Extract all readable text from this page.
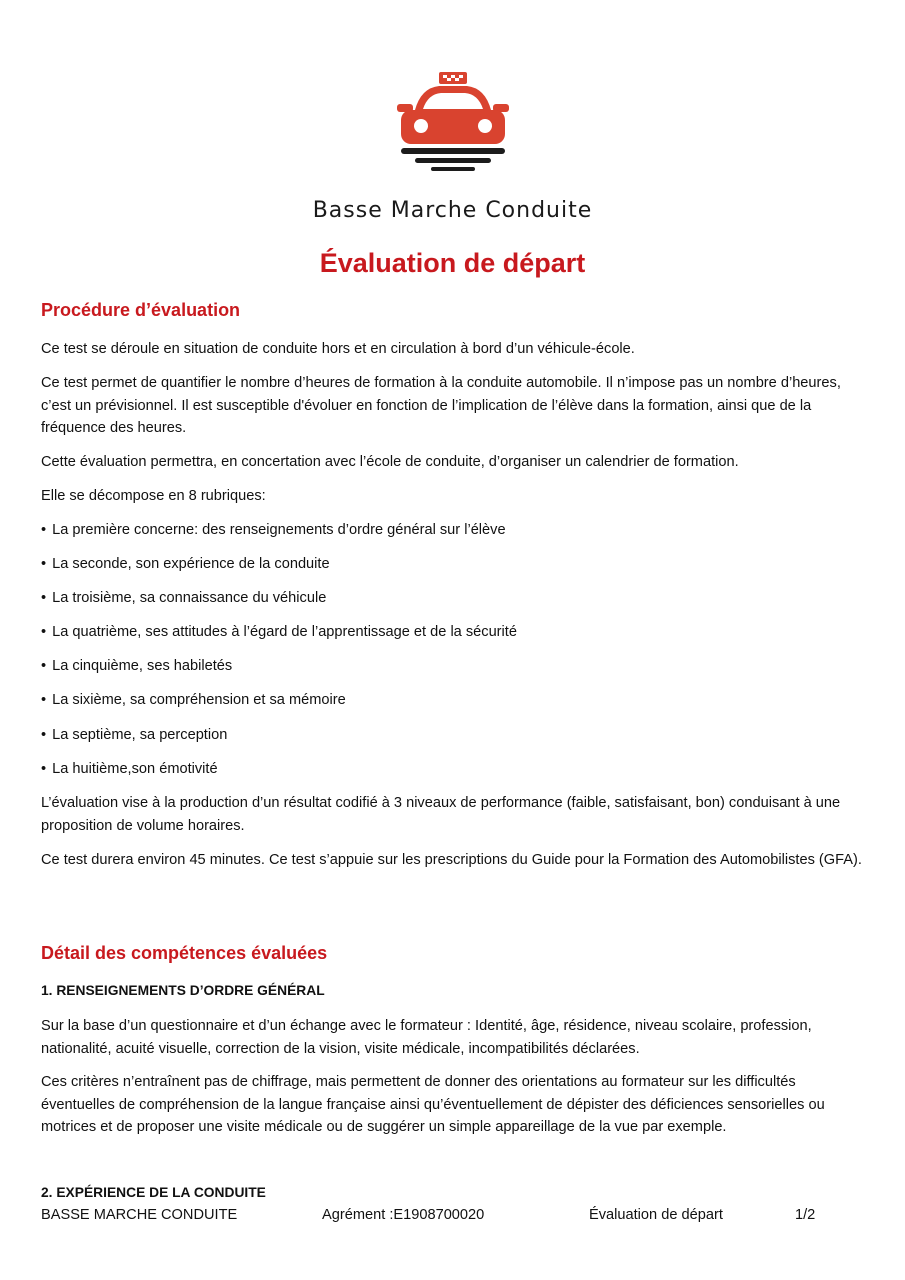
Basse Marche Conduite
Évaluation de départ
Procédure d’évaluation

Ce test se déroule en situation de conduite hors et en circulation à bord d’un véhicule-école.

Ce test permet de quantifier le nombre d’heures de formation à la conduite automobile. Il n’impose pas un nombre d’heures, c’est un prévisionnel. Il est susceptible d'évoluer en fonction de l’implication de l’élève dans la formation, ainsi que de la fréquence des heures.

Cette évaluation permettra, en concertation avec l’école de conduite, d’organiser un calendrier de formation.

Elle se décompose en 8 rubriques:

• La première concerne: des renseignements d’ordre général sur l’élève

• La seconde, son expérience de la conduite

• La troisième, sa connaissance du véhicule

• La quatrième, ses attitudes à l’égard de l’apprentissage et de la sécurité

• La cinquième, ses habiletés

• La sixième, sa compréhension et sa mémoire

• La septième, sa perception

• La huitième,son émotivité

L’évaluation vise à la production d’un résultat codifié à 3 niveaux de performance (faible, satisfaisant, bon) conduisant à une proposition de volume horaires.

Ce test durera environ 45 minutes. Ce test s’appuie sur les prescriptions du Guide pour la Formation des Automobilistes (GFA).

Détail des compétences évaluées
1. RENSEIGNEMENTS D’ORDRE GÉNÉRAL

Sur la base d’un questionnaire et d’un échange avec le formateur : Identité, âge, résidence, niveau scolaire, profession, nationalité, acuité visuelle, correction de la vision, visite médicale, incompatibilités déclarées.

Ces critères n’entraînent pas de chiffrage, mais permettent de donner des orientations au formateur sur les difficultés éventuelles de compréhension de la langue française ainsi qu’éventuellement de dépister des déficiences sensorielles ou motrices et de proposer une visite médicale ou de suggérer un simple appareillage de la vue par exemple.

2. EXPÉRIENCE DE LA CONDUITE
BASSE MARCHE CONDUITE	Agrément :E1908700020	Évaluation de départ	1/2
